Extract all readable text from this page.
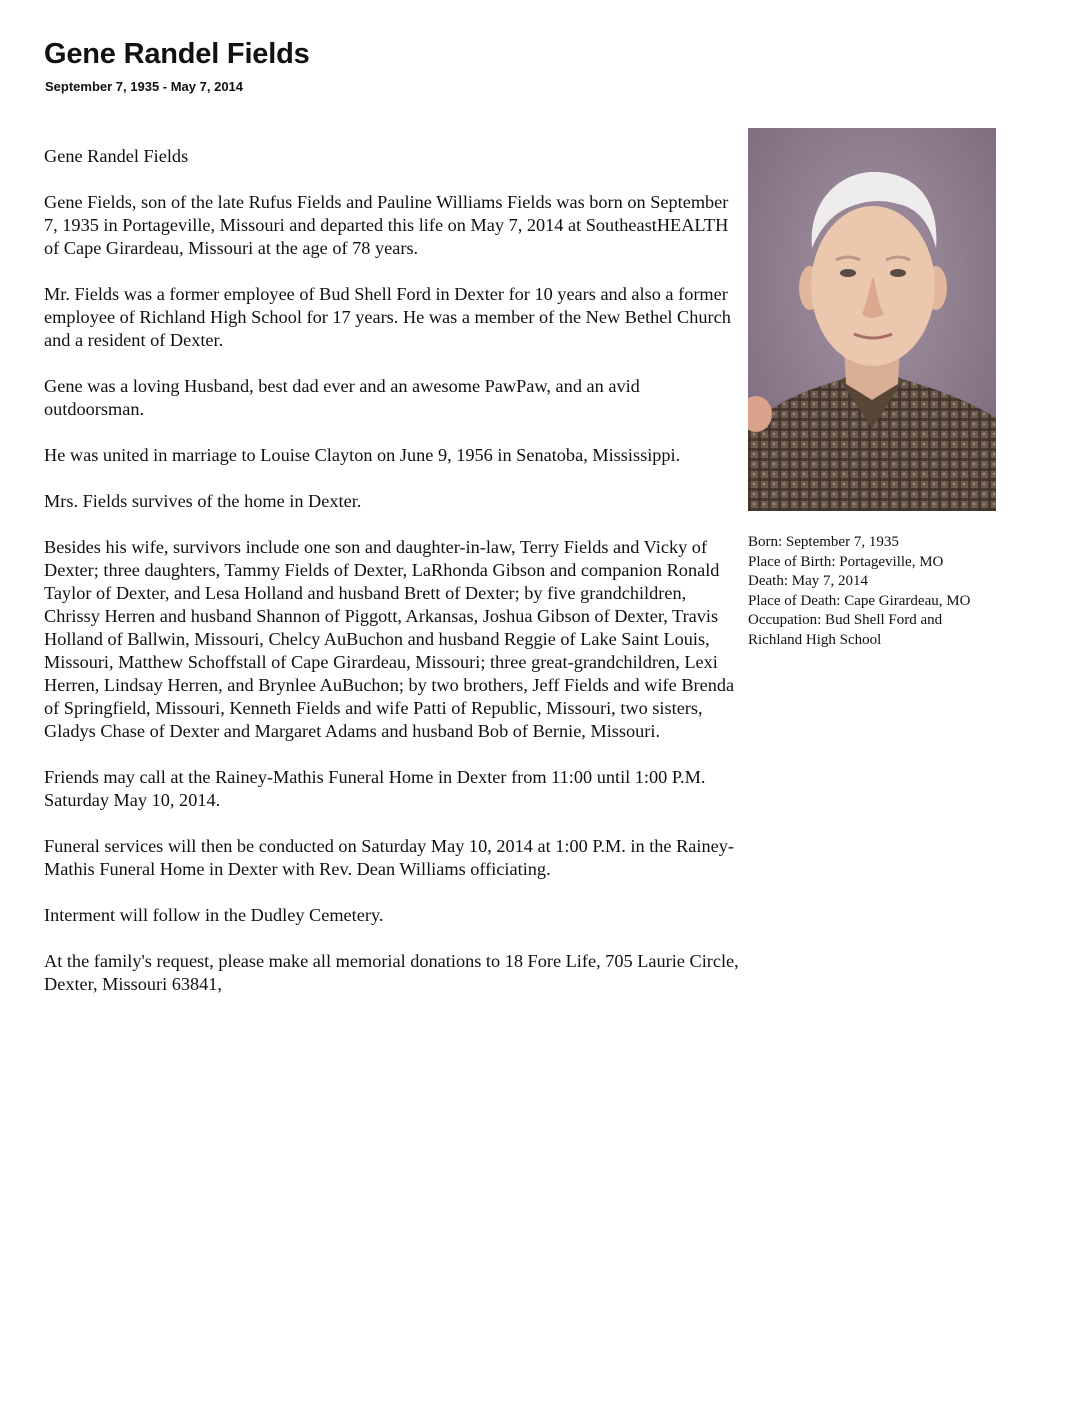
Gene Randel Fields
September 7, 1935 - May 7, 2014

Gene Randel Fields

Gene Fields, son of the late Rufus Fields and Pauline Williams Fields was born on September 7, 1935 in Portageville, Missouri and departed this life on May 7, 2014 at SoutheastHEALTH of Cape Girardeau, Missouri at the age of 78 years.

Mr. Fields was a former employee of Bud Shell Ford in Dexter for 10 years and also a former employee of Richland High School for 17 years. He was a member of the New Bethel Church and a resident of Dexter.

Gene was a loving Husband, best dad ever and an awesome PawPaw, and an avid outdoorsman.

He was united in marriage to Louise Clayton on June 9, 1956 in Senatoba, Mississippi.

Mrs. Fields survives of the home in Dexter.

Besides his wife, survivors include one son and daughter-in-law, Terry Fields and Vicky of Dexter; three daughters, Tammy Fields of Dexter, LaRhonda Gibson and companion Ronald Taylor of Dexter, and Lesa Holland and husband Brett of Dexter; by five grandchildren, Chrissy Herren and husband Shannon of Piggott, Arkansas, Joshua Gibson of Dexter, Travis Holland of Ballwin, Missouri, Chelcy AuBuchon and husband Reggie of Lake Saint Louis, Missouri, Matthew Schoffstall of Cape Girardeau, Missouri; three great-grandchildren, Lexi Herren, Lindsay Herren, and Brynlee AuBuchon; by two brothers, Jeff Fields and wife Brenda of Springfield, Missouri, Kenneth Fields and wife Patti of Republic, Missouri, two sisters, Gladys Chase of Dexter and Margaret Adams and husband Bob of Bernie, Missouri.

Friends may call at the Rainey-Mathis Funeral Home in Dexter from 11:00 until 1:00 P.M. Saturday May 10, 2014.

Funeral services will then be conducted on Saturday May 10, 2014 at 1:00 P.M. in the Rainey-Mathis Funeral Home in Dexter with Rev. Dean Williams officiating.

Interment will follow in the Dudley Cemetery.

At the family's request, please make all memorial donations to 18 Fore Life, 705 Laurie Circle, Dexter, Missouri 63841,

Born: September 7, 1935
Place of Birth: Portageville, MO
Death: May 7, 2014
Place of Death: Cape Girardeau, MO
Occupation: Bud Shell Ford and
Richland High School
